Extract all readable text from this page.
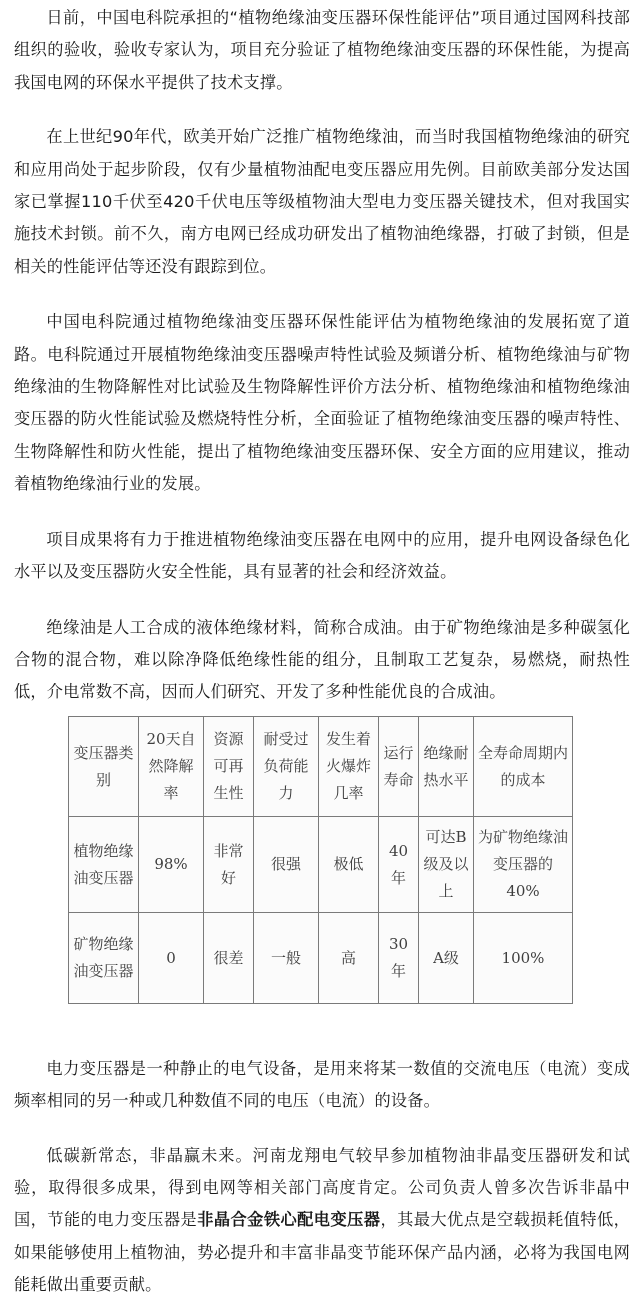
日前，中国电科院承担的“植物绝缘油变压器环保性能评估”项目通过国网科技部组织的验收，验收专家认为，项目充分验证了植物绝缘油变压器的环保性能，为提高我国电网的环保水平提供了技术支撑。

在上世纪90年代，欧美开始广泛推广植物绝缘油，而当时我国植物绝缘油的研究和应用尚处于起步阶段，仅有少量植物油配电变压器应用先例。目前欧美部分发达国家已掌握110千伏至420千伏电压等级植物油大型电力变压器关键技术，但对我国实施技术封锁。前不久，南方电网已经成功研发出了植物油绝缘器，打破了封锁，但是相关的性能评估等还没有跟踪到位。

中国电科院通过植物绝缘油变压器环保性能评估为植物绝缘油的发展拓宽了道路。电科院通过开展植物绝缘油变压器噪声特性试验及频谱分析、植物绝缘油与矿物绝缘油的生物降解性对比试验及生物降解性评价方法分析、植物绝缘油和植物绝缘油变压器的防火性能试验及燃烧特性分析，全面验证了植物绝缘油变压器的噪声特性、生物降解性和防火性能，提出了植物绝缘油变压器环保、安全方面的应用建议，推动着植物绝缘油行业的发展。

项目成果将有力于推进植物绝缘油变压器在电网中的应用，提升电网设备绿色化水平以及变压器防火安全性能，具有显著的社会和经济效益。

绝缘油是人工合成的液体绝缘材料，简称合成油。由于矿物绝缘油是多种碳氢化合物的混合物，难以除净降低绝缘性能的组分，且制取工艺复杂，易燃烧，耐热性低，介电常数不高，因而人们研究、开发了多种性能优良的合成油。

电力变压器是一种静止的电气设备，是用来将某一数值的交流电压（电流）变成频率相同的另一种或几种数值不同的电压（电流）的设备。

低碳新常态，非晶赢未来。河南龙翔电气较早参加植物油非晶变压器研发和试验，取得很多成果，得到电网等相关部门高度肯定。公司负责人曾多次告诉非晶中国，节能的电力变压器是非晶合金铁心配电变压器，其最大优点是空载损耗值特低，如果能够使用上植物油，势必提升和丰富非晶变节能环保产品内涵，必将为我国电网能耗做出重要贡献。

变压器类别	20天自然降解率	资源可再生性	耐受过负荷能力	发生着火爆炸几率	运行寿命	绝缘耐热水平	全寿命周期内的成本
植物绝缘油变压器	98%	非常好	很强	极低	40年	可达B级及以上	为矿物绝缘油变压器的40%
矿物绝缘油变压器	0	很差	一般	高	30年	A级	100%
